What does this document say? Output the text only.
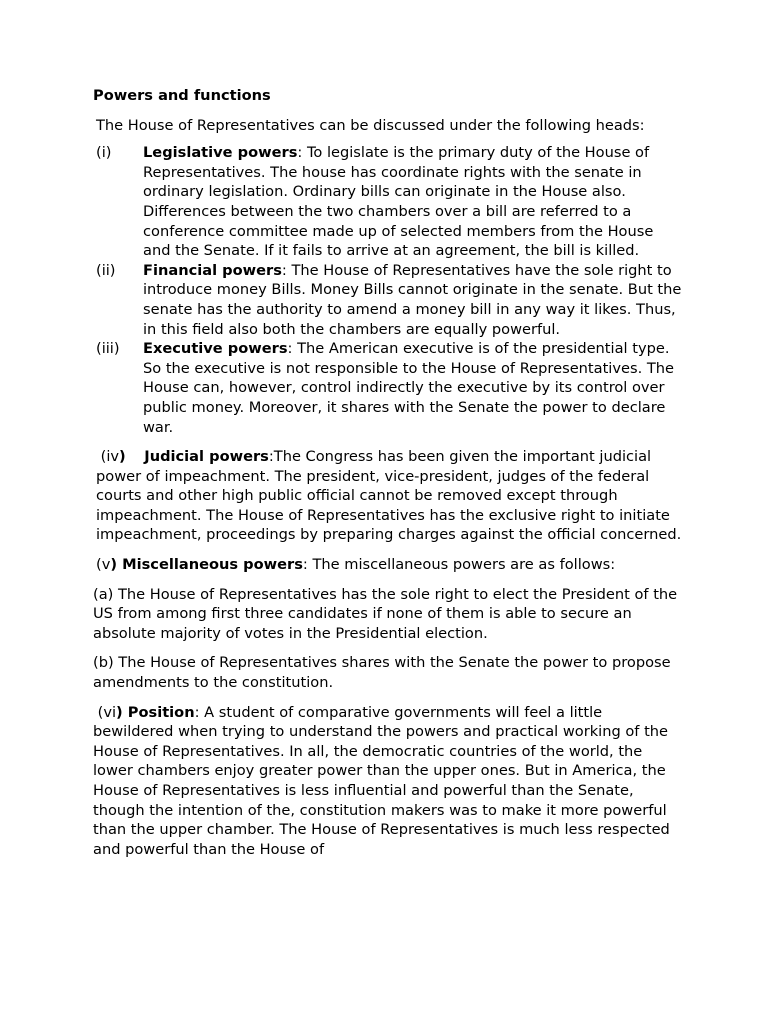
Powers and functions

The House of Representatives can be discussed under the following heads:

(i) Legislative powers: To legislate is the primary duty of the House of Representatives. The house has coordinate rights with the senate in ordinary legislation. Ordinary bills can originate in the House also. Differences between the two chambers over a bill are referred to a conference committee made up of selected members from the House and the Senate. If it fails to arrive at an agreement, the bill is killed.
(ii) Financial powers: The House of Representatives have the sole right to introduce money Bills. Money Bills cannot originate in the senate. But the senate has the authority to amend a money bill in any way it likes. Thus, in this field also both the chambers are equally powerful.
(iii) Executive powers: The American executive is of the presidential type. So the executive is not responsible to the House of Representatives. The House can, however, control indirectly the executive by its control over public money. Moreover, it shares with the Senate the power to declare war.

(iv) Judicial powers:The Congress has been given the important judicial power of impeachment. The president, vice-president, judges of the federal courts and other high public official cannot be removed except through impeachment. The House of Representatives has the exclusive right to initiate impeachment, proceedings by preparing charges against the official concerned.

(v) Miscellaneous powers: The miscellaneous powers are as follows:

(a) The House of Representatives has the sole right to elect the President of the US from among first three candidates if none of them is able to secure an absolute majority of votes in the Presidential election.

(b) The House of Representatives shares with the Senate the power to propose amendments to the constitution.

(vi) Position: A student of comparative governments will feel a little bewildered when trying to understand the powers and practical working of the House of Representatives. In all, the democratic countries of the world, the lower chambers enjoy greater power than the upper ones. But in America, the House of Representatives is less influential and powerful than the Senate, though the intention of the, constitution makers was to make it more powerful than the upper chamber. The House of Representatives is much less respected and powerful than the House of
